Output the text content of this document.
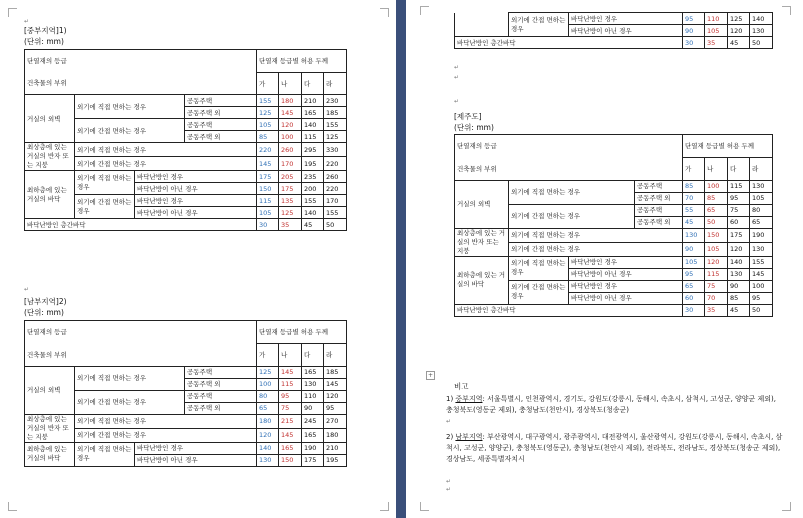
↵
[중부지역]1)
(단위: mm)
단열재의 등급				단열재 등급별 허용 두께			
건축물의 부위				가	나	다	라
거실의 외벽	외기에 직접 면하는 경우		공동주택	155	180	210	230
			공동주택 외	125	145	165	185
	외기에 간접 면하는 경우		공동주택	105	120	140	155
			공동주택 외	85	100	115	125
최상층에 있는 거실의 반자 또는 지붕	외기에 직접 면하는 경우			220	260	295	330
	외기에 간접 면하는 경우			145	170	195	220
최하층에 있는 거실의 바닥	외기에 직접 면하는 경우	바닥난방인 경우		175	205	235	260
		바닥난방이 아닌 경우		150	175	200	220
	외기에 간접 면하는 경우	바닥난방인 경우		115	135	155	170
		바닥난방이 아닌 경우		105	125	140	155
바닥난방인 층간바닥				30	35	45	50
↵
[남부지역]2)
(단위: mm)
단열재의 등급				단열재 등급별 허용 두께			
건축물의 부위				가	나	다	라
거실의 외벽	외기에 직접 면하는 경우		공동주택	125	145	165	185
			공동주택 외	100	115	130	145
	외기에 간접 면하는 경우		공동주택	80	95	110	120
			공동주택 외	65	75	90	95
최상층에 있는 거실의 반자 또는 지붕	외기에 직접 면하는 경우			180	215	245	270
	외기에 간접 면하는 경우			120	145	165	180
최하층에 있는 거실의 바닥	외기에 직접 면하는 경우	바닥난방인 경우		140	165	190	210
		바닥난방이 아닌 경우		130	150	175	195
	외기에 간접 면하는 경우	바닥난방인 경우	95	110	125	140
		바닥난방이 아닌 경우	90	105	120	130
바닥난방인 층간바닥			30	35	45	50
↵
↵
↵
[제주도]
(단위: mm)
단열재의 등급				단열재 등급별 허용 두께			
건축물의 부위				가	나	다	라
거실의 외벽	외기에 직접 면하는 경우		공동주택	85	100	115	130
			공동주택 외	70	85	95	105
	외기에 간접 면하는 경우		공동주택	55	65	75	80
			공동주택 외	45	50	60	65
최상층에 있는 거실의 반자 또는 지붕	외기에 직접 면하는 경우			130	150	175	190
	외기에 간접 면하는 경우			90	105	120	130
최하층에 있는 거실의 바닥	외기에 직접 면하는 경우	바닥난방인 경우		105	120	140	155
		바닥난방이 아닌 경우		95	115	130	145
	외기에 간접 면하는 경우	바닥난방인 경우		65	75	90	100
		바닥난방이 아닌 경우		60	70	85	95
바닥난방인 층간바닥				30	35	45	50
+
비고
1) 중부지역: 서울특별시, 인천광역시, 경기도, 강원도(강릉시, 동해시, 속초시, 삼척시, 고성군, 양양군 제외), 충청북도(영동군 제외), 충청남도(천안시), 경상북도(청송군)
↵
2) 남부지역: 부산광역시, 대구광역시, 광주광역시, 대전광역시, 울산광역시, 강원도(강릉시, 동해시, 속초시, 삼척시, 고성군, 양양군), 충청북도(영동군), 충청남도(천안시 제외), 전라북도, 전라남도, 경상북도(청송군 제외), 경상남도, 세종특별자치시
↵
↵
